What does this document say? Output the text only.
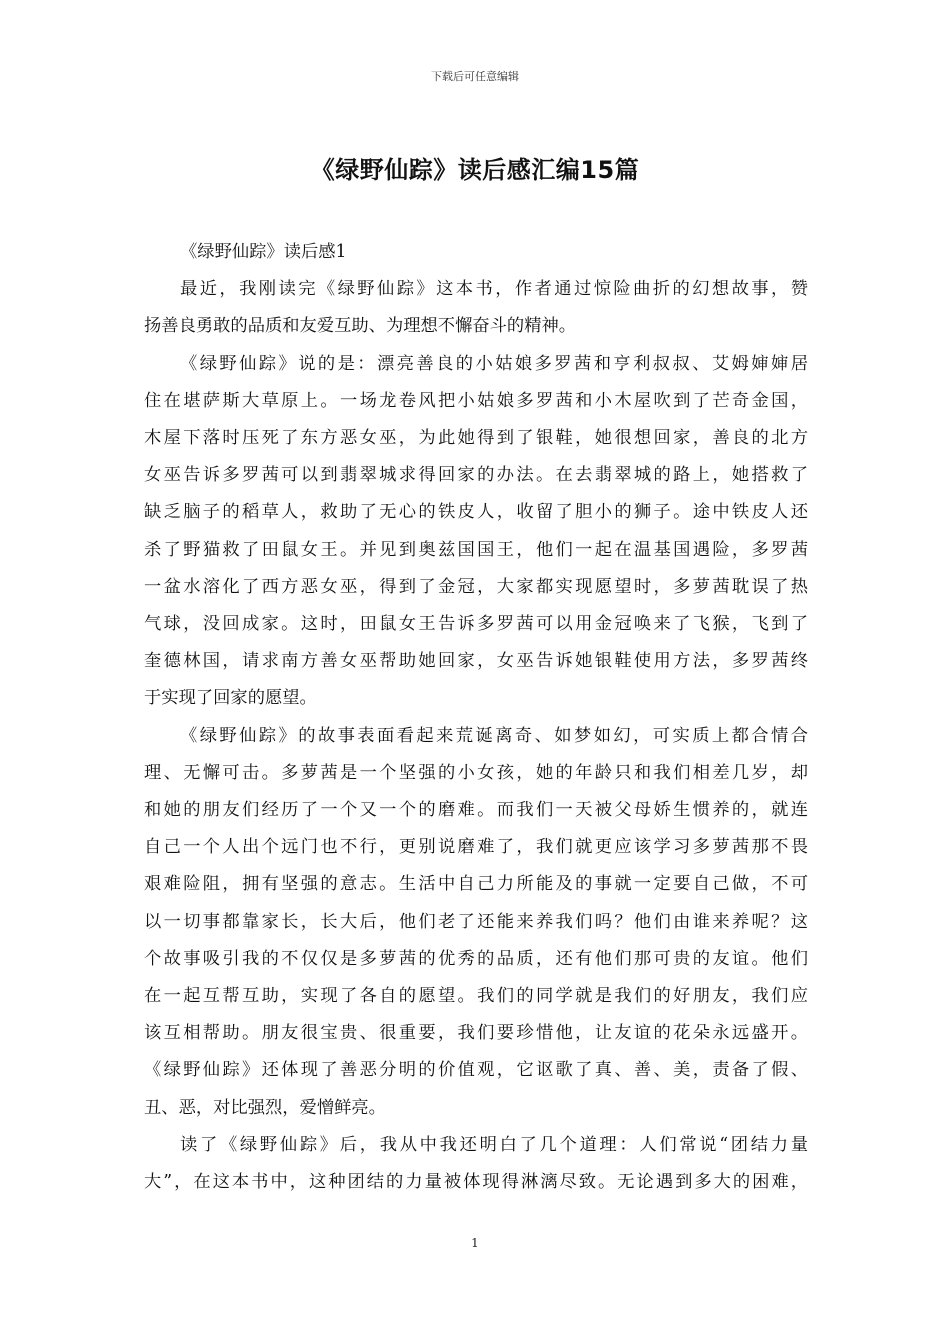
下载后可任意编辑
《绿野仙踪》读后感汇编15篇

《绿野仙踪》读后感1

最近，我刚读完《绿野仙踪》这本书，作者通过惊险曲折的幻想故事，赞
扬善良勇敢的品质和友爱互助、为理想不懈奋斗的精神。

《绿野仙踪》说的是：漂亮善良的小姑娘多罗茜和亨利叔叔、艾姆婶婶居
住在堪萨斯大草原上。一场龙卷风把小姑娘多罗茜和小木屋吹到了芒奇金国，
木屋下落时压死了东方恶女巫，为此她得到了银鞋，她很想回家，善良的北方
女巫告诉多罗茜可以到翡翠城求得回家的办法。在去翡翠城的路上，她搭救了
缺乏脑子的稻草人，救助了无心的铁皮人，收留了胆小的狮子。途中铁皮人还
杀了野猫救了田鼠女王。并见到奥兹国国王，他们一起在温基国遇险，多罗茜
一盆水溶化了西方恶女巫，得到了金冠，大家都实现愿望时，多萝茜耽误了热
气球，没回成家。这时，田鼠女王告诉多罗茜可以用金冠唤来了飞猴，飞到了
奎德林国，请求南方善女巫帮助她回家，女巫告诉她银鞋使用方法，多罗茜终
于实现了回家的愿望。

《绿野仙踪》的故事表面看起来荒诞离奇、如梦如幻，可实质上都合情合
理、无懈可击。多萝茜是一个坚强的小女孩，她的年龄只和我们相差几岁，却
和她的朋友们经历了一个又一个的磨难。而我们一天被父母娇生惯养的，就连
自己一个人出个远门也不行，更别说磨难了，我们就更应该学习多萝茜那不畏
艰难险阻，拥有坚强的意志。生活中自己力所能及的事就一定要自己做，不可
以一切事都靠家长，长大后，他们老了还能来养我们吗？他们由谁来养呢？这
个故事吸引我的不仅仅是多萝茜的优秀的品质，还有他们那可贵的友谊。他们
在一起互帮互助，实现了各自的愿望。我们的同学就是我们的好朋友，我们应
该互相帮助。朋友很宝贵、很重要，我们要珍惜他，让友谊的花朵永远盛开。
《绿野仙踪》还体现了善恶分明的价值观，它讴歌了真、善、美，责备了假、
丑、恶，对比强烈，爱憎鲜亮。

读了《绿野仙踪》后，我从中我还明白了几个道理：人们常说“团结力量
大”，在这本书中，这种团结的力量被体现得淋漓尽致。无论遇到多大的困难，

1
